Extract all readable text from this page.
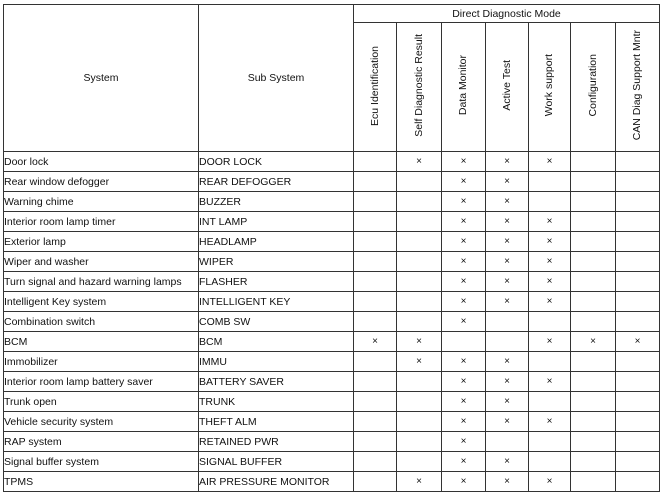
System	Sub System	Direct Diagnostic Mode						
		Ecu Identification	Self Diagnostic Result	Data Monitor	Active Test	Work support	Configuration	CAN Diag Support Mntr
Door lock	DOOR LOCK		×	×	×	×		
Rear window defogger	REAR DEFOGGER			×	×			
Warning chime	BUZZER			×	×			
Interior room lamp timer	INT LAMP			×	×	×		
Exterior lamp	HEADLAMP			×	×	×		
Wiper and washer	WIPER			×	×	×		
Turn signal and hazard warning lamps	FLASHER			×	×	×		
Intelligent Key system	INTELLIGENT KEY			×	×	×		
Combination switch	COMB SW			×				
BCM	BCM	×	×			×	×	×
Immobilizer	IMMU		×	×	×			
Interior room lamp battery saver	BATTERY SAVER			×	×	×		
Trunk open	TRUNK			×	×			
Vehicle security system	THEFT ALM			×	×	×		
RAP system	RETAINED PWR			×				
Signal buffer system	SIGNAL BUFFER			×	×			
TPMS	AIR PRESSURE MONITOR		×	×	×	×		
